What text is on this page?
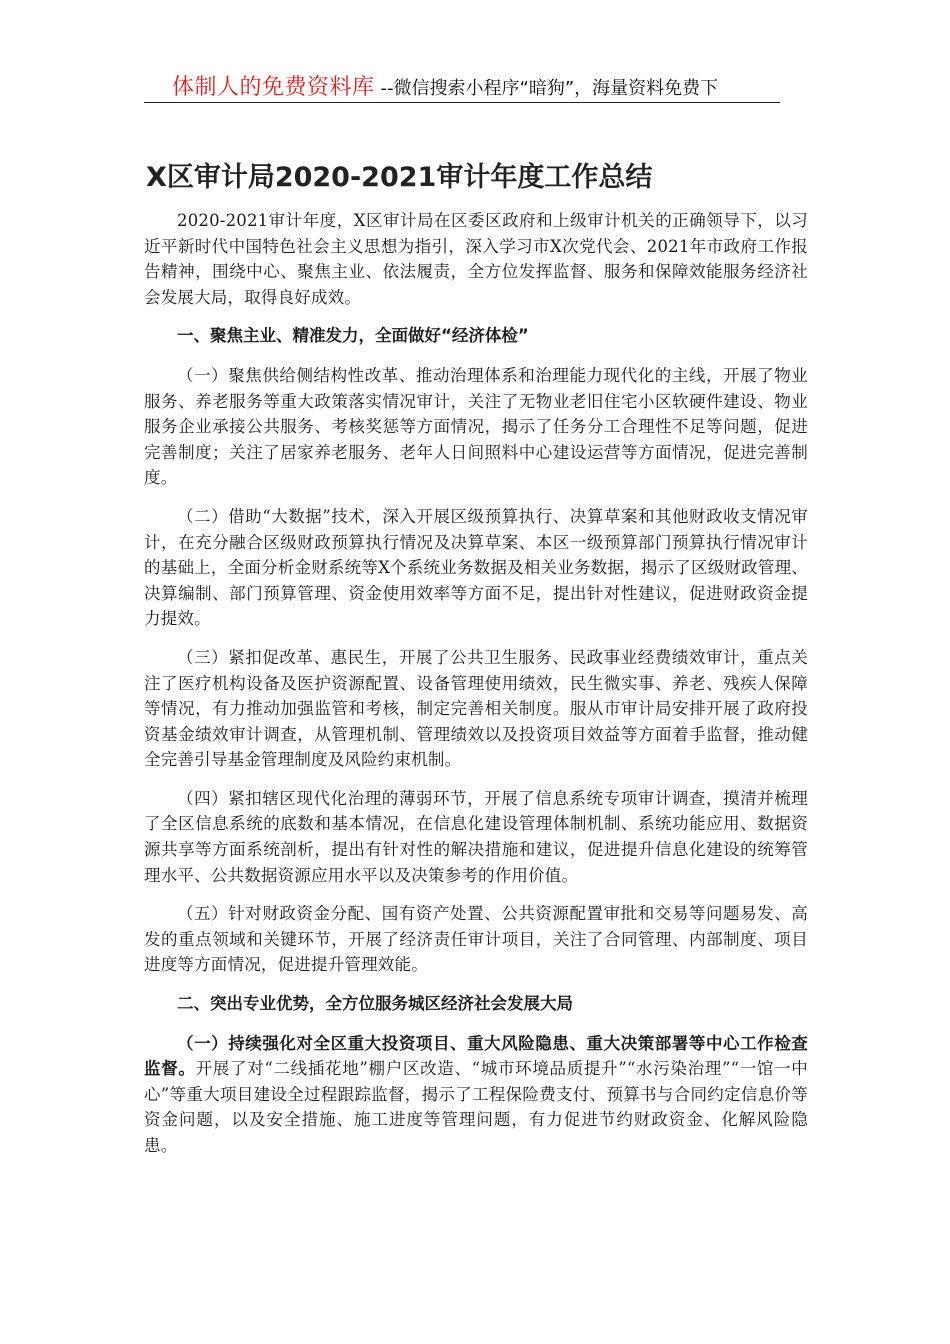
体制人的免费资料库 --微信搜索小程序“暗狗”，海量资料免费下
X区审计局2020-2021审计年度工作总结

2020-2021审计年度，X区审计局在区委区政府和上级审计机关的正确领导下，以习近平新时代中国特色社会主义思想为指引，深入学习市X次党代会、2021年市政府工作报告精神，围绕中心、聚焦主业、依法履责，全方位发挥监督、服务和保障效能服务经济社会发展大局，取得良好成效。

一、聚焦主业、精准发力，全面做好“经济体检”

（一）聚焦供给侧结构性改革、推动治理体系和治理能力现代化的主线，开展了物业服务、养老服务等重大政策落实情况审计，关注了无物业老旧住宅小区软硬件建设、物业服务企业承接公共服务、考核奖惩等方面情况，揭示了任务分工合理性不足等问题，促进完善制度；关注了居家养老服务、老年人日间照料中心建设运营等方面情况，促进完善制度。

（二）借助“大数据”技术，深入开展区级预算执行、决算草案和其他财政收支情况审计，在充分融合区级财政预算执行情况及决算草案、本区一级预算部门预算执行情况审计的基础上，全面分析金财系统等X个系统业务数据及相关业务数据，揭示了区级财政管理、决算编制、部门预算管理、资金使用效率等方面不足，提出针对性建议，促进财政资金提力提效。

（三）紧扣促改革、惠民生，开展了公共卫生服务、民政事业经费绩效审计，重点关注了医疗机构设备及医护资源配置、设备管理使用绩效，民生微实事、养老、残疾人保障等情况，有力推动加强监管和考核，制定完善相关制度。服从市审计局安排开展了政府投资基金绩效审计调查，从管理机制、管理绩效以及投资项目效益等方面着手监督，推动健全完善引导基金管理制度及风险约束机制。

（四）紧扣辖区现代化治理的薄弱环节，开展了信息系统专项审计调查，摸清并梳理了全区信息系统的底数和基本情况，在信息化建设管理体制机制、系统功能应用、数据资源共享等方面系统剖析，提出有针对性的解决措施和建议，促进提升信息化建设的统筹管理水平、公共数据资源应用水平以及决策参考的作用价值。

（五）针对财政资金分配、国有资产处置、公共资源配置审批和交易等问题易发、高发的重点领域和关键环节，开展了经济责任审计项目，关注了合同管理、内部制度、项目进度等方面情况，促进提升管理效能。

二、突出专业优势，全方位服务城区经济社会发展大局

（一）持续强化对全区重大投资项目、重大风险隐患、重大决策部署等中心工作检查监督。开展了对“二线插花地”棚户区改造、“城市环境品质提升”“水污染治理”“一馆一中心”等重大项目建设全过程跟踪监督，揭示了工程保险费支付、预算书与合同约定信息价等资金问题，以及安全措施、施工进度等管理问题，有力促进节约财政资金、化解风险隐患。
